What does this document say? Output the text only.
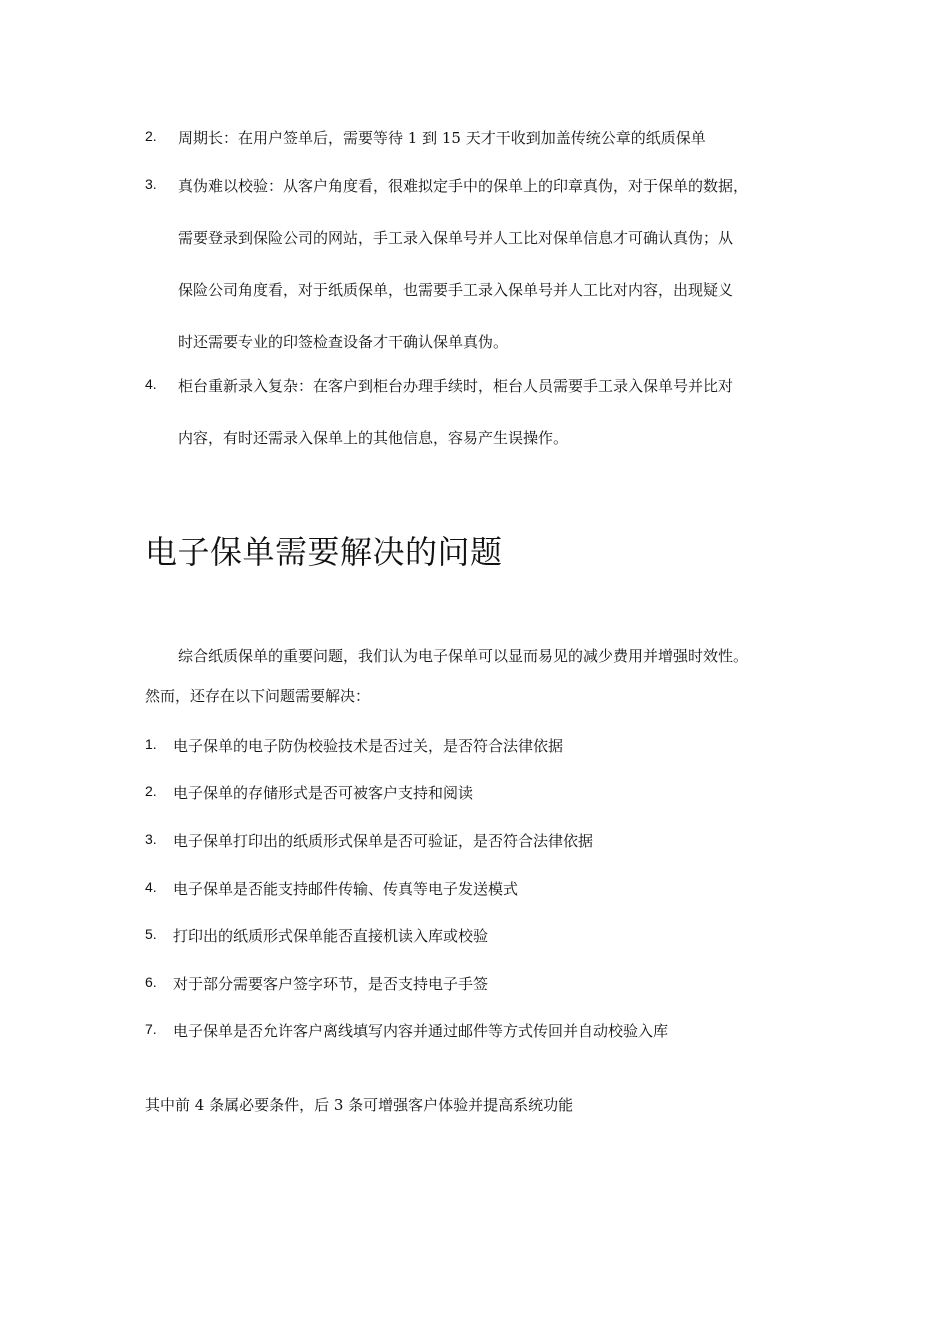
2.	周期长：在用户签单后，需要等待 1 到 15 天才干收到加盖传统公章的纸质保单
3.	真伪难以校验：从客户角度看，很难拟定手中的保单上的印章真伪，对于保单的数据，
需要登录到保险公司的网站，手工录入保单号并人工比对保单信息才可确认真伪；从
保险公司角度看，对于纸质保单，也需要手工录入保单号并人工比对内容，出现疑义
时还需要专业的印签检查设备才干确认保单真伪。
4.	柜台重新录入复杂：在客户到柜台办理手续时，柜台人员需要手工录入保单号并比对
内容，有时还需录入保单上的其他信息，容易产生误操作。
电子保单需要解决的问题
综合纸质保单的重要问题，我们认为电子保单可以显而易见的减少费用并增强时效性。
然而，还存在以下问题需要解决：
1.	电子保单的电子防伪校验技术是否过关，是否符合法律依据
2.	电子保单的存储形式是否可被客户支持和阅读
3.	电子保单打印出的纸质形式保单是否可验证，是否符合法律依据
4.	电子保单是否能支持邮件传输、传真等电子发送模式
5.	打印出的纸质形式保单能否直接机读入库或校验
6.	对于部分需要客户签字环节，是否支持电子手签
7.	电子保单是否允许客户离线填写内容并通过邮件等方式传回并自动校验入库
其中前 4 条属必要条件，后 3 条可增强客户体验并提高系统功能
